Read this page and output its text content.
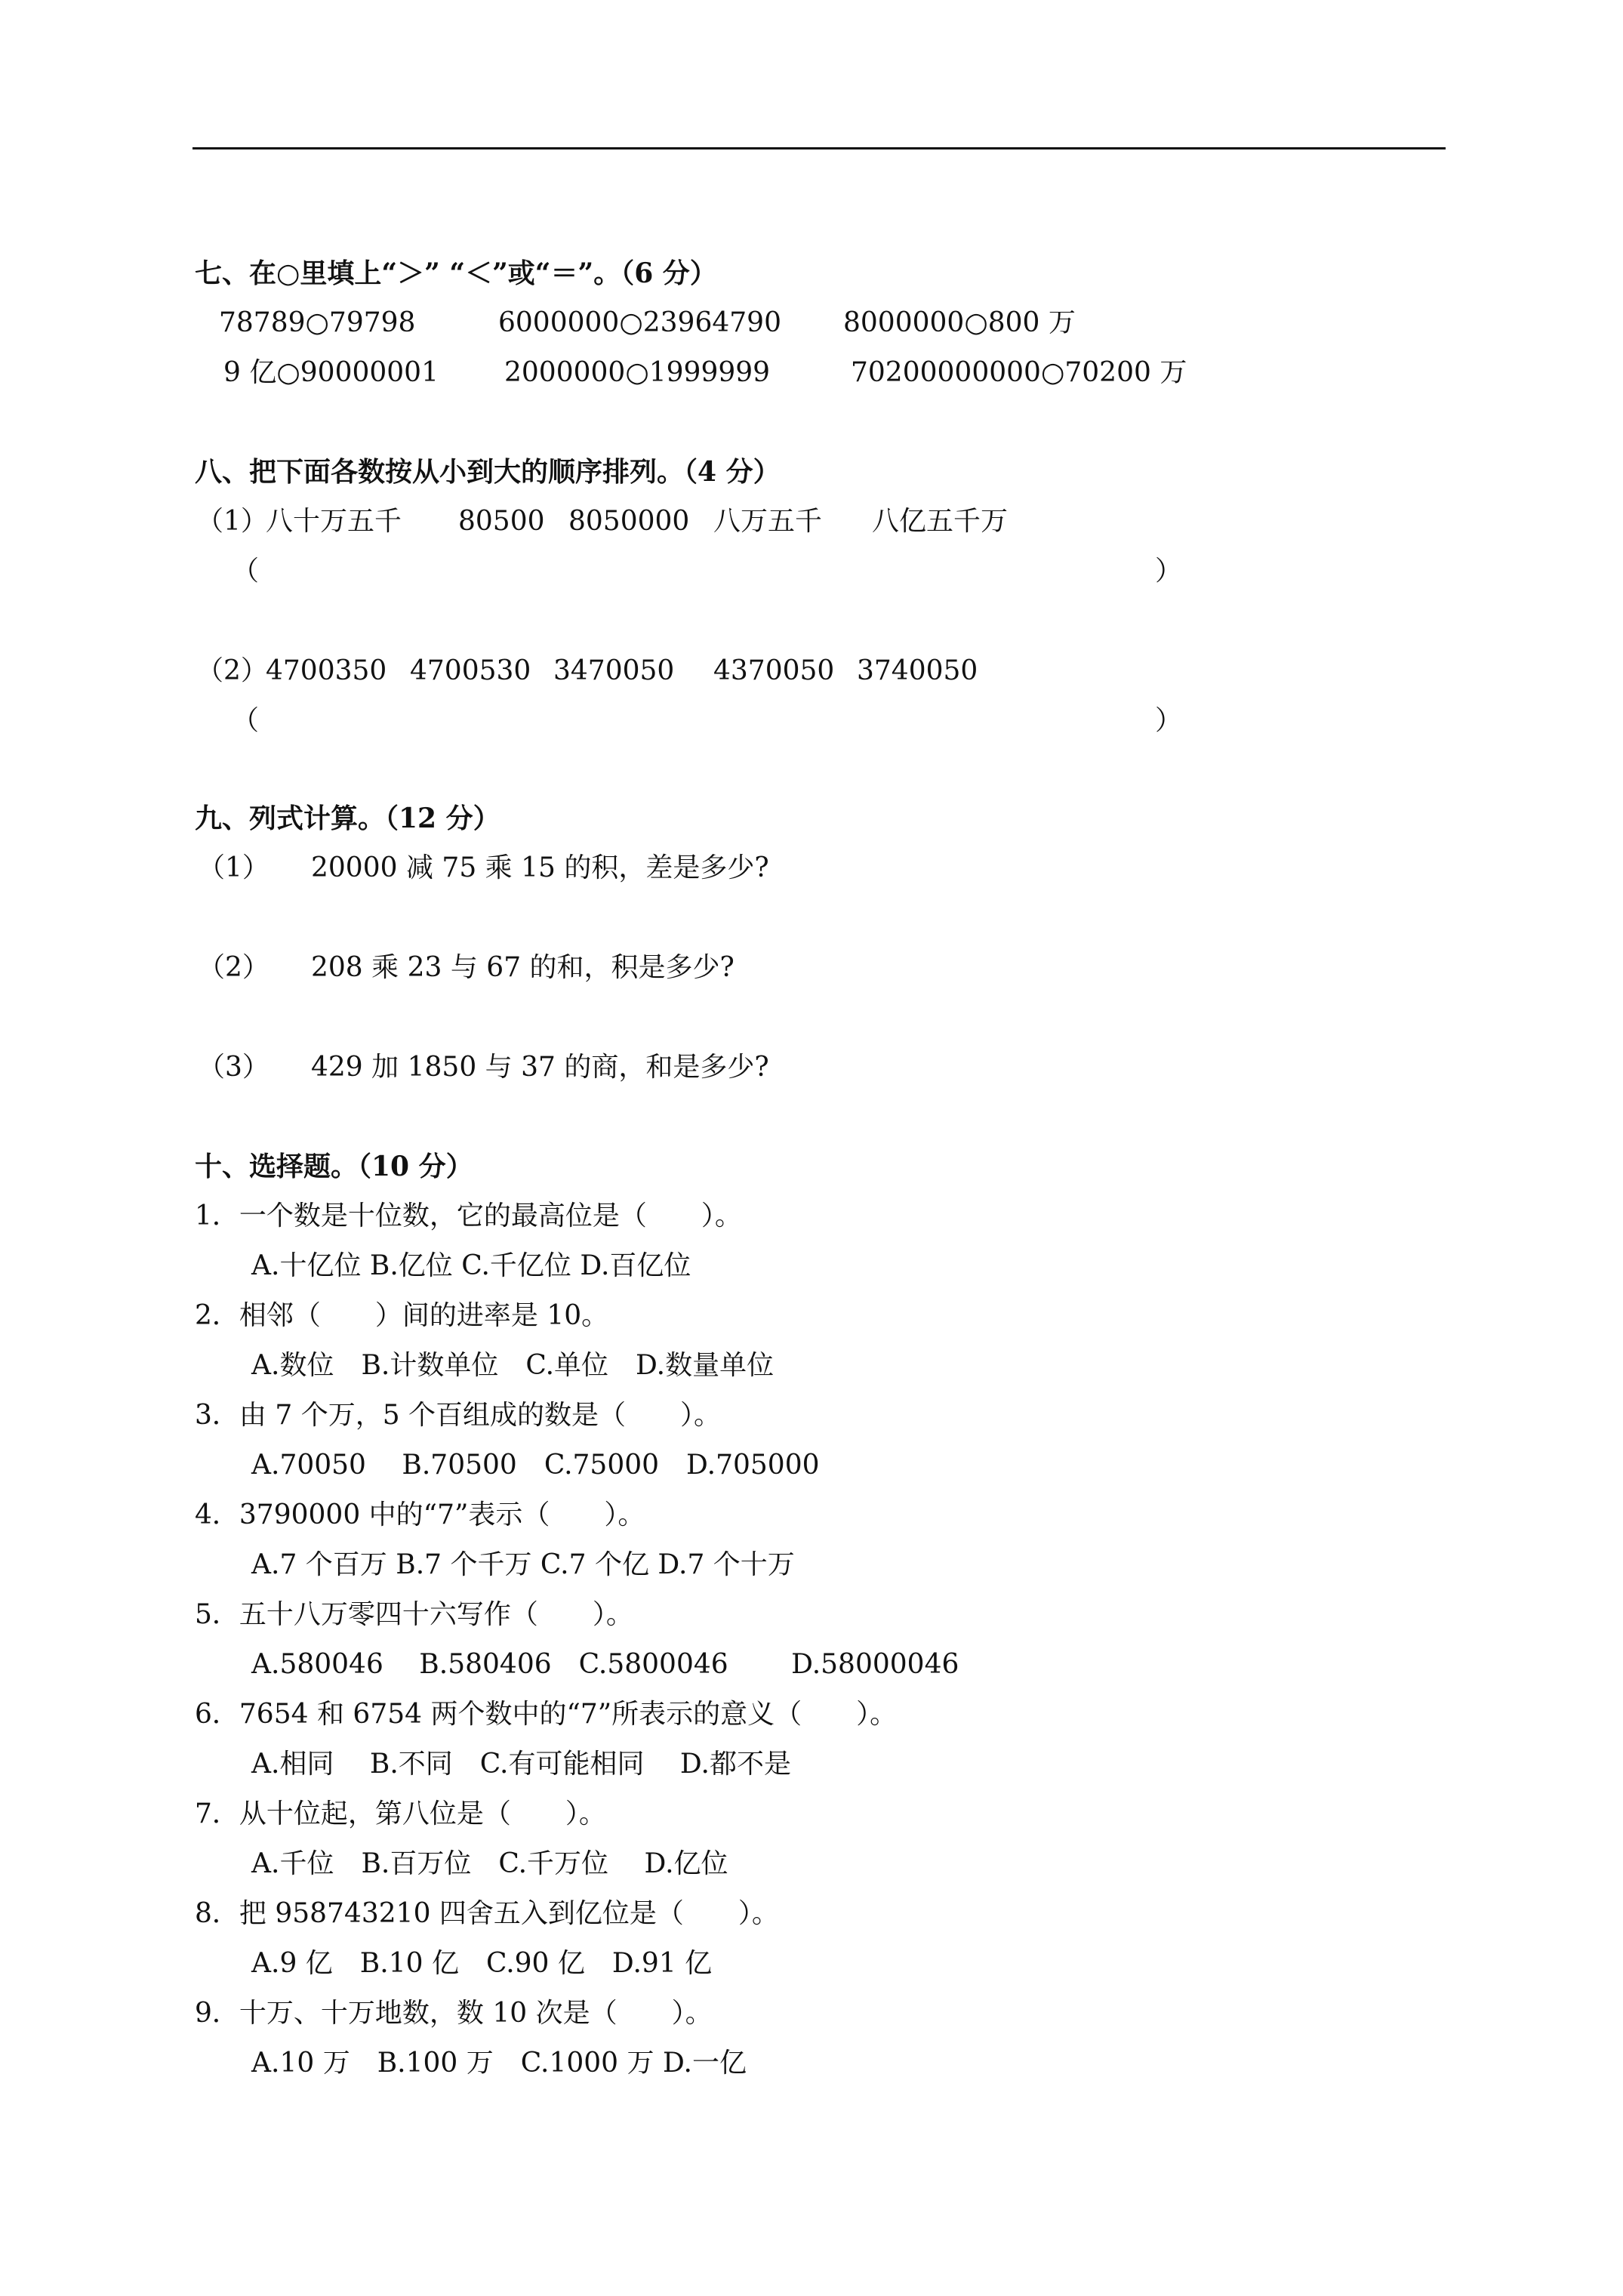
七、在○里填上“＞” “＜”或“＝”。（6 分）
78789○79798	6000000○23964790 8000000○800 万
9 亿○90000001 2000000○1999999	70200000000○70200 万
八、把下面各数按从小到大的顺序排列。（4 分）
（1）
八十万五千 80500 8050000 八万五千 八亿五千万
（	）
（2）
4700350 4700530 3470050 4370050 3740050
（	）
九、列式计算。（12 分）
（1） 20000 减 75 乘 15 的积，差是多少?
（2） 208 乘 23 与 67 的和，积是多少?
（3） 429 加 1850 与 37 的商，和是多少?
十、选择题。（10 分）
1．一个数是十位数，它的最高位是（　　）。
A.十亿位 B.亿位 C.千亿位 D.百亿位
2．相邻（　　）间的进率是 10。
A.数位　B.计数单位　C.单位　D.数量单位
3．由 7 个万，5 个百组成的数是（　　）。
A.70050　 B.70500　C.75000　D.705000
4．3790000 中的“7”表示（　　）。
A.7 个百万 B.7 个千万 C.7 个亿 D.7 个十万
5．五十八万零四十六写作（　　）。
A.580046　 B.580406　C.5800046　　 D.58000046
6．7654 和 6754 两个数中的“7”所表示的意义（　　）。
A.相同　 B.不同　C.有可能相同　 D.都不是
7．从十位起，第八位是（　　）。
A.千位　B.百万位　C.千万位　 D.亿位
8．把 958743210 四舍五入到亿位是（　　）。
A.9 亿　B.10 亿　C.90 亿　D.91 亿
9．十万、十万地数，数 10 次是（　　）。
A.10 万　B.100 万　C.1000 万 D.一亿
